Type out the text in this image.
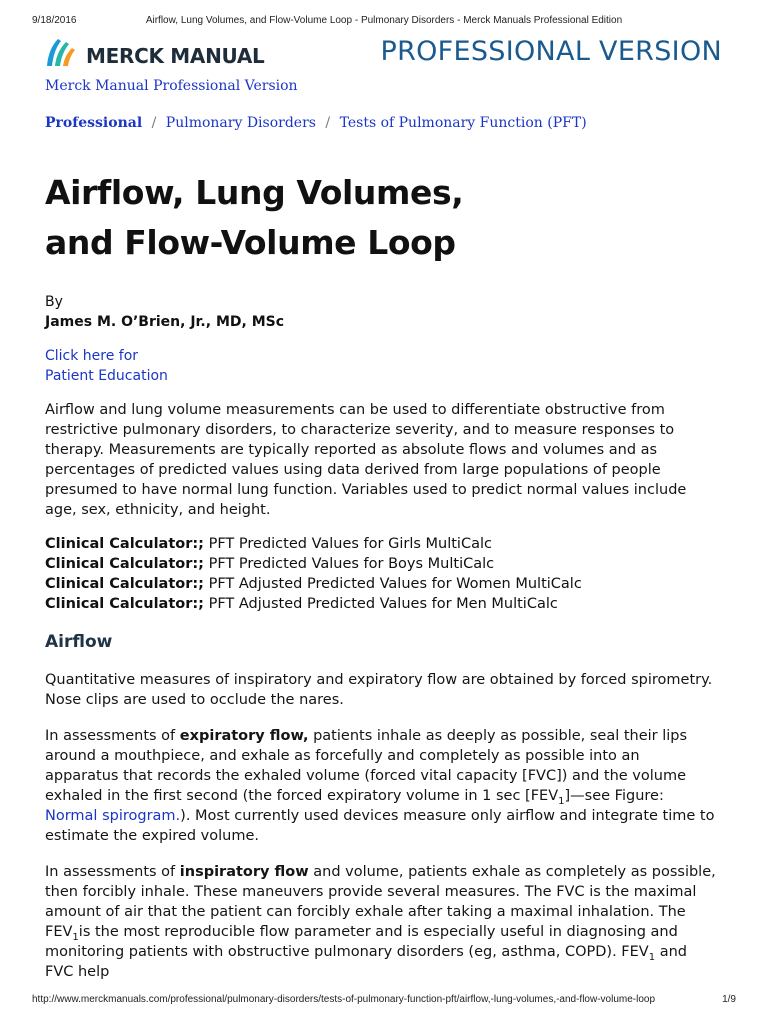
9/18/2016	Airflow, Lung Volumes, and Flow-Volume Loop - Pulmonary Disorders - Merck Manuals Professional Edition
MERCK MANUAL	PROFESSIONAL VERSION
Merck Manual Professional Version
Professional / Pulmonary Disorders / Tests of Pulmonary Function (PFT)
Airflow, Lung Volumes,
and Flow-Volume Loop
By
James M. O’Brien, Jr., MD, MSc
Click here for
Patient Education

Airflow and lung volume measurements can be used to differentiate obstructive from restrictive pulmonary disorders, to characterize severity, and to measure responses to therapy. Measurements are typically reported as absolute flows and volumes and as percentages of predicted values using data derived from large populations of people presumed to have normal lung function. Variables used to predict normal values include age, sex, ethnicity, and height.

Clinical Calculator:; PFT Predicted Values for Girls MultiCalc
Clinical Calculator:; PFT Predicted Values for Boys MultiCalc
Clinical Calculator:; PFT Adjusted Predicted Values for Women MultiCalc
Clinical Calculator:; PFT Adjusted Predicted Values for Men MultiCalc
Airflow

Quantitative measures of inspiratory and expiratory flow are obtained by forced spirometry. Nose clips are used to occlude the nares.

In assessments of expiratory flow, patients inhale as deeply as possible, seal their lips around a mouthpiece, and exhale as forcefully and completely as possible into an apparatus that records the exhaled volume (forced vital capacity [FVC]) and the volume exhaled in the first second (the forced expiratory volume in 1 $\sec [FEV_1]—see$ Figure: Normal spirogram.). Most currently used devices measure only airflow and integrate time to estimate the expired volume.

In assessments of inspiratory flow and volume, patients exhale as completely as possible, then forcibly inhale. These maneuvers provide several measures. The FVC is the maximal amount of air that the patient can forcibly exhale after taking a maximal inhalation. The $FEV_1is$ the most reproducible flow parameter and is especially useful in diagnosing and monitoring patients with obstructive pulmonary disorders (eg, asthma, COPD). $FEV_1$ and FVC help

http://www.merckmanuals.com/professional/pulmonary-disorders/tests-of-pulmonary-function-pft/airflow,-lung-volumes,-and-flow-volume-loop	1/9
